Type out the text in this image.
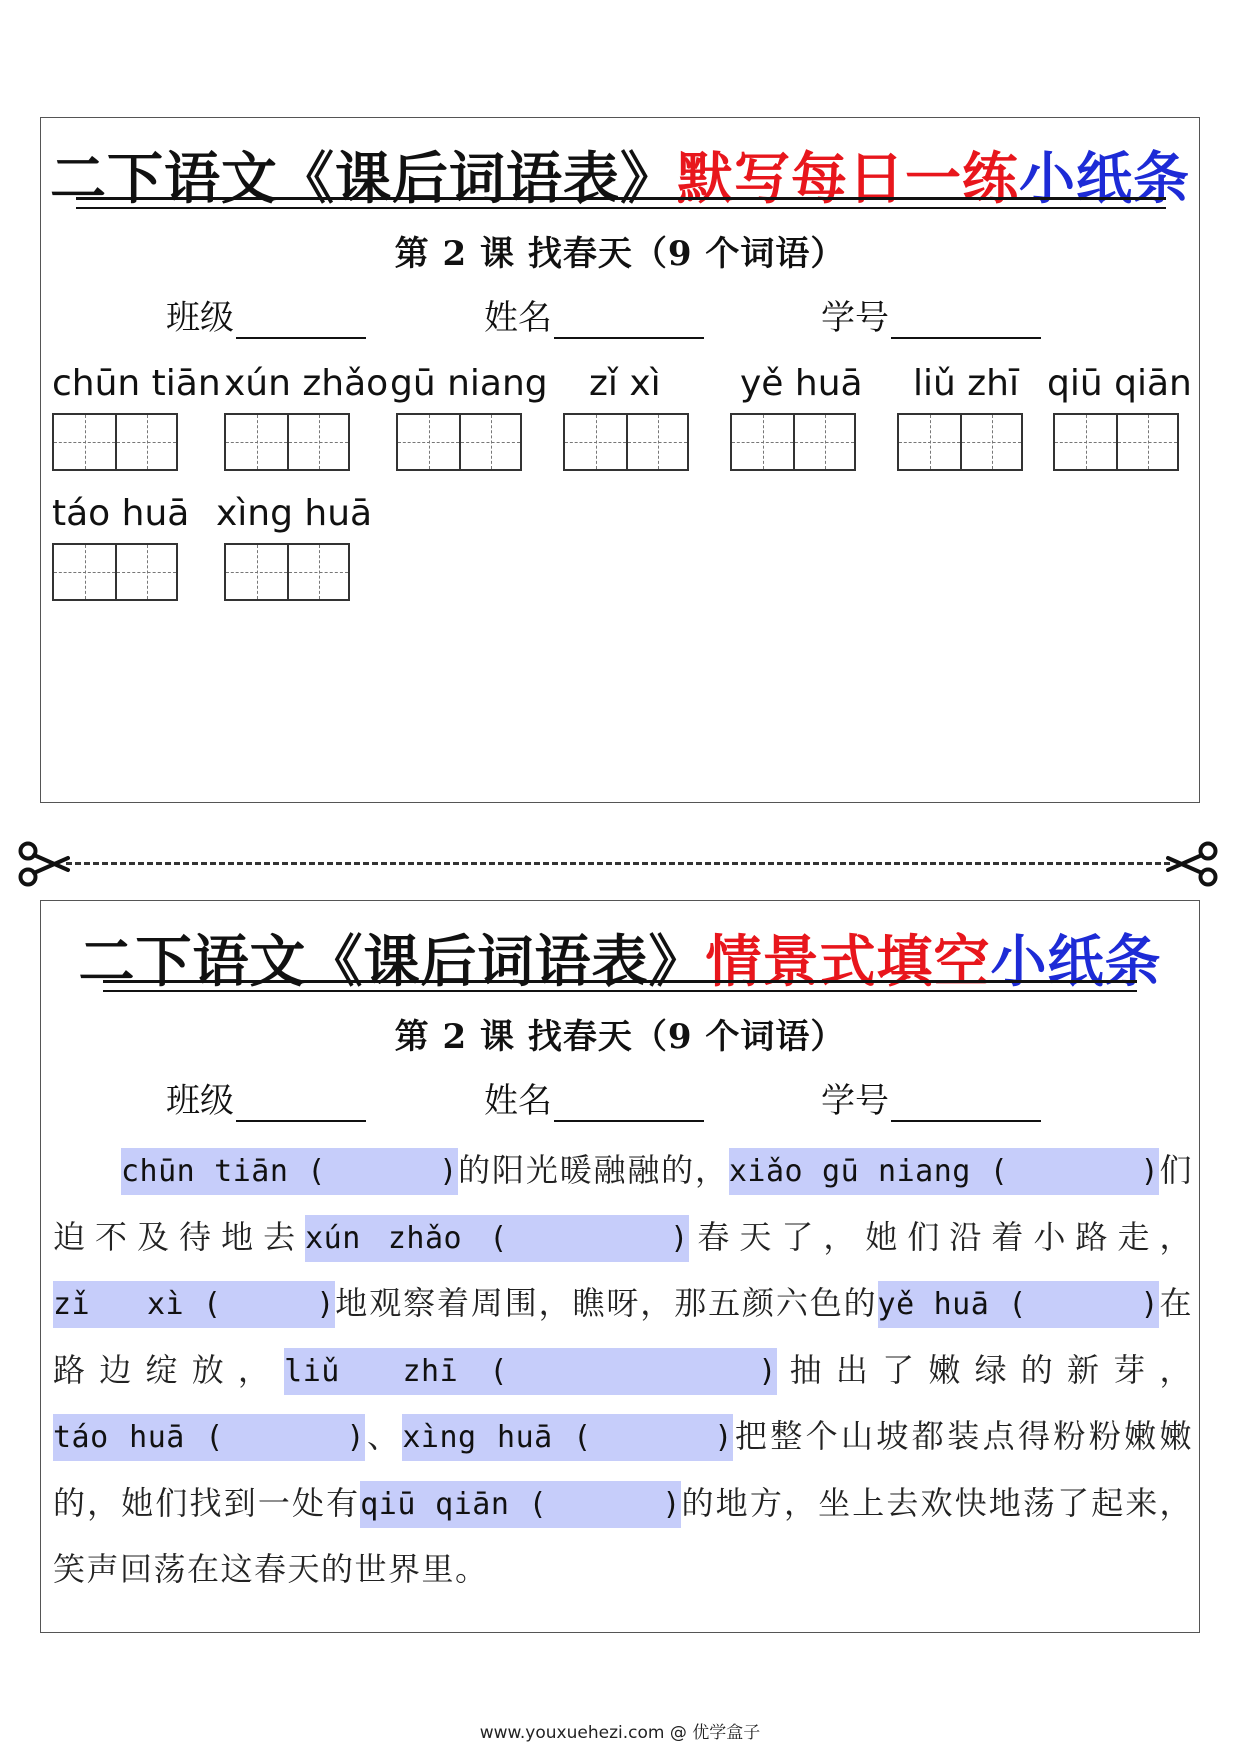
二下语文《课后词语表》默写每日一练小纸条
第 2 课 找春天（9 个词语）
班级	姓名	学号
chūn tiān xún zhǎo gū niang zǐ xì yě huā liǔ zhī qiū qiān
táo huā xìng huā
二下语文《课后词语表》情景式填空小纸条
第 2 课 找春天（9 个词语）
班级	姓名	学号
chūn tiān (      )的阳光暖融融的，xiǎo gū niang (       )们迫不及待地去xún zhǎo (      )春天了，她们沿着小路走，zǐ   xì (     )地观察着周围，瞧呀，那五颜六色的yě huā (      )在路边绽放，liǔ  zhī (        )抽出了嫩绿的新芽，táo huā (      )、xìng huā (      )把整个山坡都装点得粉粉嫩嫩的，她们找到一处有qiū qiān (      )的地方，坐上去欢快地荡了起来，笑声回荡在这春天的世界里。
www.youxuehezi.com @ 优学盒子
